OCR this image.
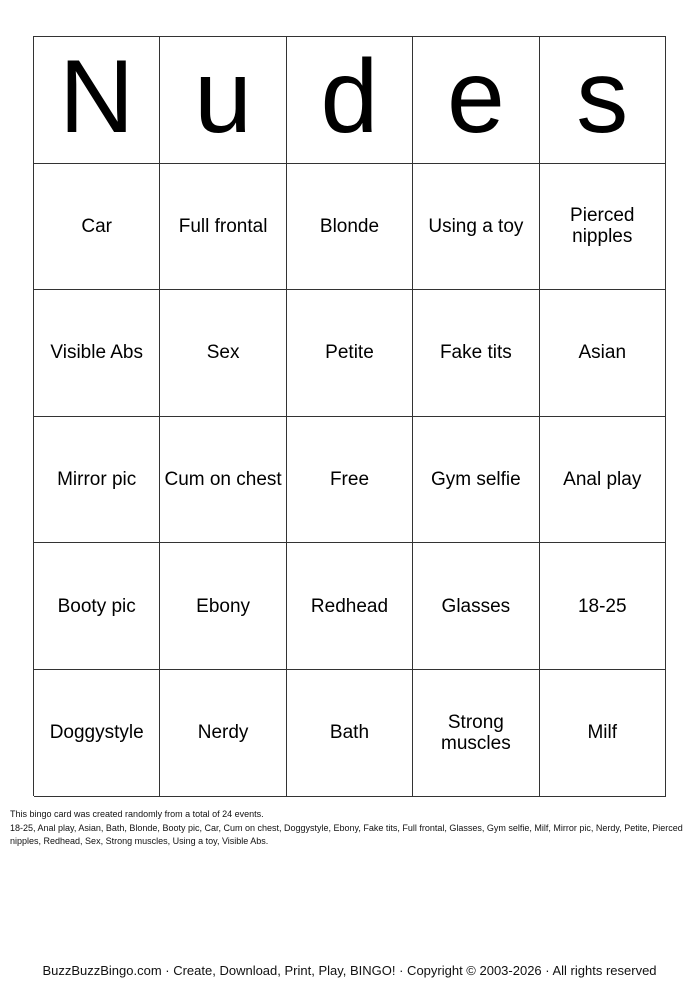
N u d e s
Car	Full frontal	Blonde	Using a toy	Pierced nipples
Visible Abs	Sex	Petite	Fake tits	Asian
Mirror pic	Cum on chest	Free	Gym selfie	Anal play
Booty pic	Ebony	Redhead	Glasses	18-25
Doggystyle	Nerdy	Bath	Strong muscles	Milf
This bingo card was created randomly from a total of 24 events.
18-25, Anal play, Asian, Bath, Blonde, Booty pic, Car, Cum on chest, Doggystyle, Ebony, Fake tits, Full frontal, Glasses, Gym selfie, Milf, Mirror pic, Nerdy, Petite, Pierced nipples, Redhead, Sex, Strong muscles, Using a toy, Visible Abs.
BuzzBuzzBingo.com · Create, Download, Print, Play, BINGO! · Copyright © 2003-2026 · All rights reserved
